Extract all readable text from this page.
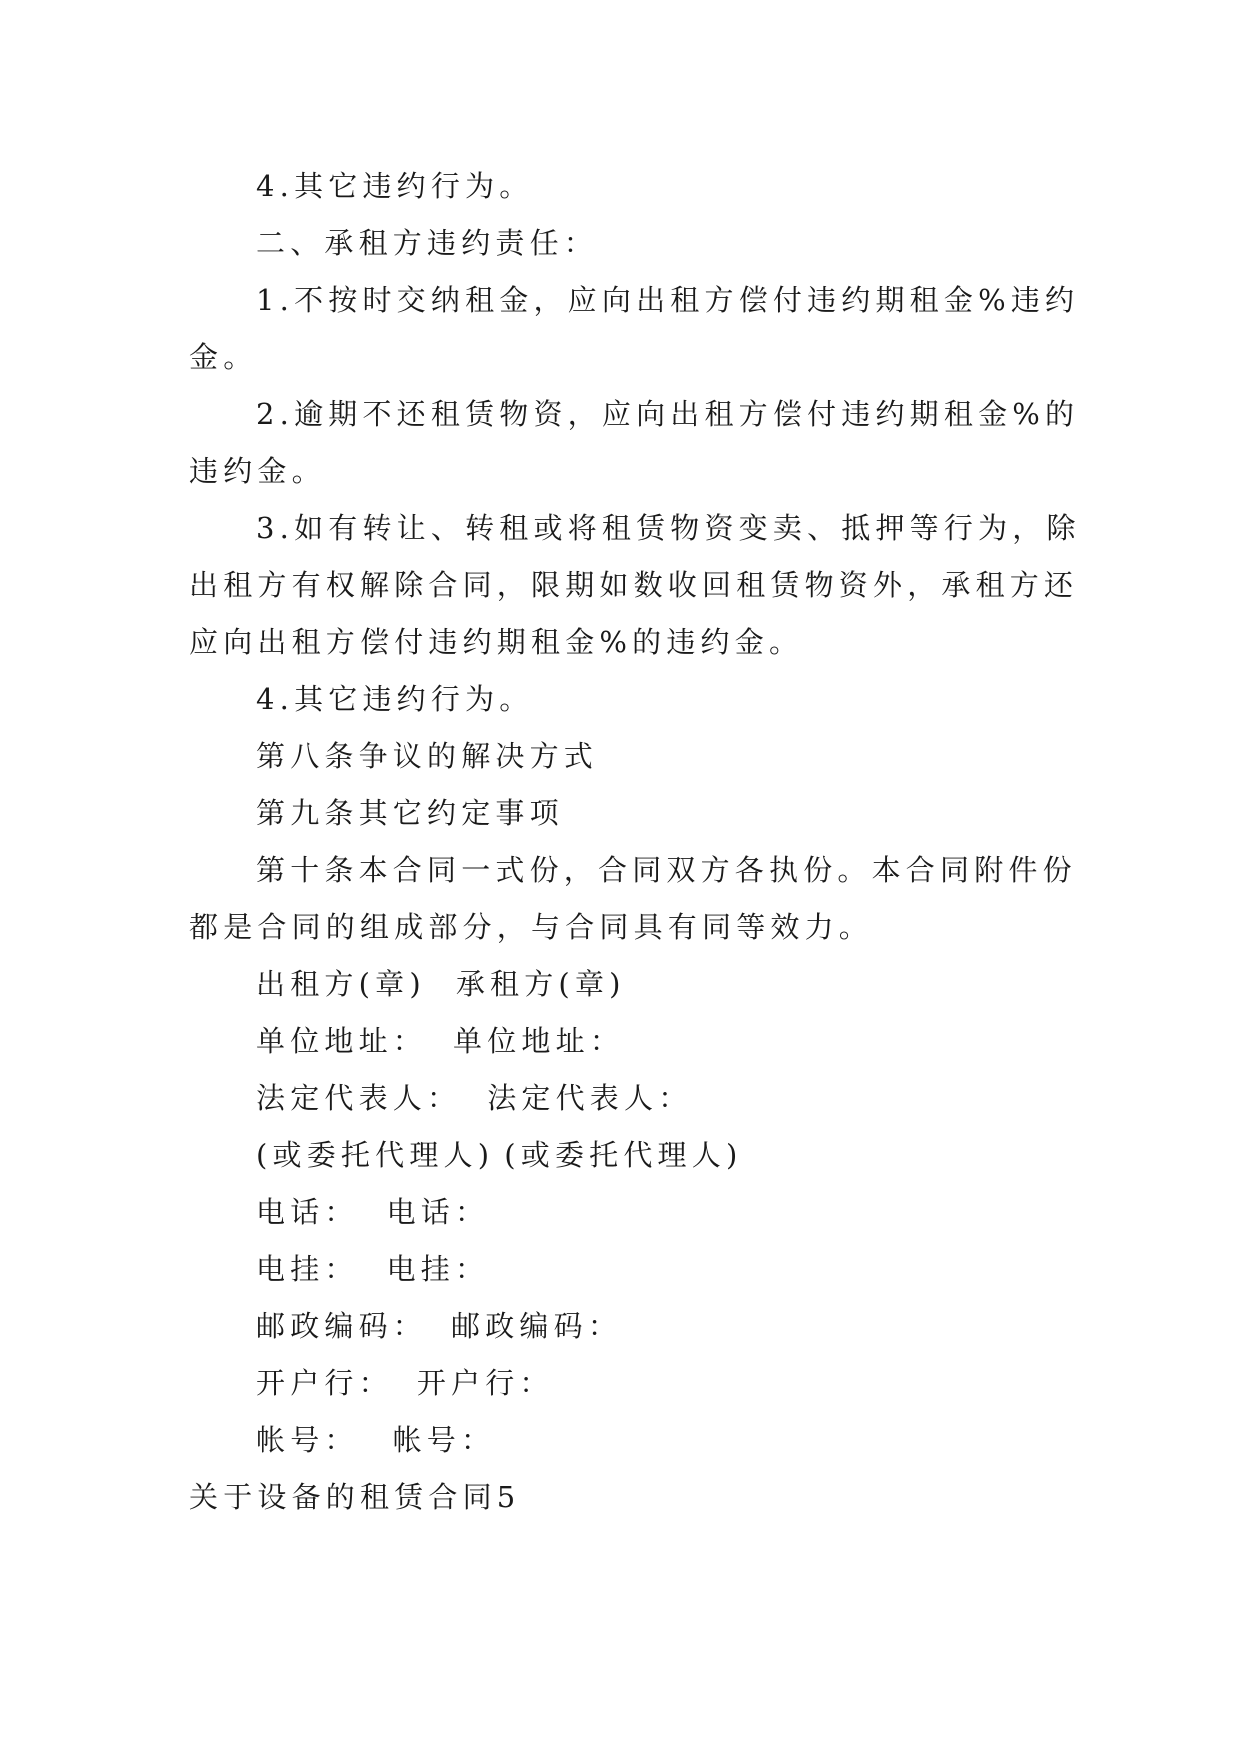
4.其它违约行为。
二、承租方违约责任：
1.不按时交纳租金，应向出租方偿付违约期租金%违约
金。
2.逾期不还租赁物资，应向出租方偿付违约期租金%的
违约金。
3.如有转让、转租或将租赁物资变卖、抵押等行为，除
出租方有权解除合同，限期如数收回租赁物资外，承租方还
应向出租方偿付违约期租金%的违约金。
4.其它违约行为。
第八条争议的解决方式
第九条其它约定事项
第十条本合同一式份，合同双方各执份。本合同附件份
都是合同的组成部分，与合同具有同等效力。
出租方(章) 承租方(章)
单位地址： 单位地址：
法定代表人： 法定代表人：
(或委托代理人) (或委托代理人)
电话： 电话：
电挂： 电挂：
邮政编码： 邮政编码：
开户行： 开户行：
帐号： 帐号：
关于设备的租赁合同5
